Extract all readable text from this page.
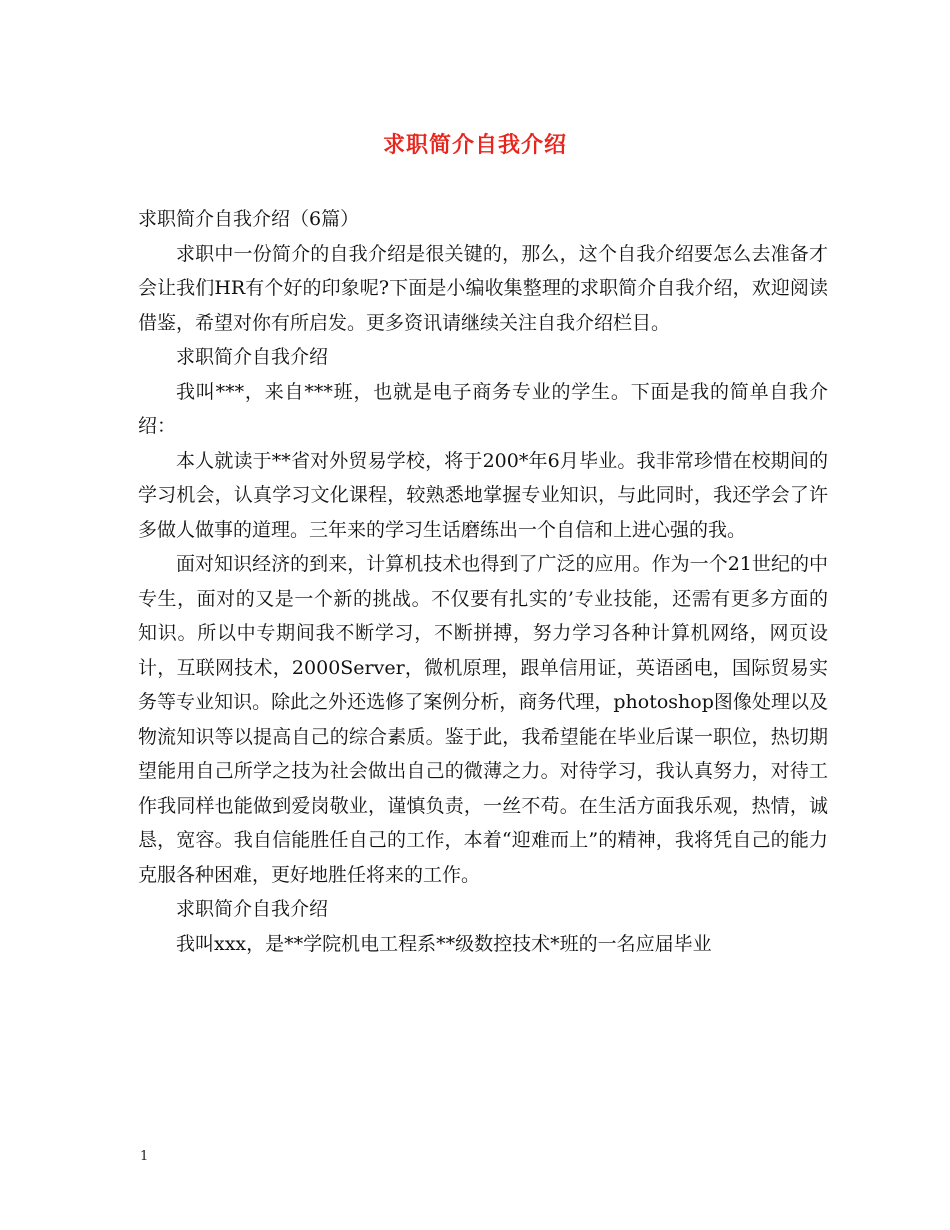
求职简介自我介绍

求职简介自我介绍（6篇）

求职中一份简介的自我介绍是很关键的，那么，这个自我介绍要怎么去准备才会让我们HR有个好的印象呢?下面是小编收集整理的求职简介自我介绍，欢迎阅读借鉴，希望对你有所启发。更多资讯请继续关注自我介绍栏目。

求职简介自我介绍

我叫***，来自***班，也就是电子商务专业的学生。下面是我的简单自我介绍：

本人就读于**省对外贸易学校，将于200*年6月毕业。我非常珍惜在校期间的学习机会，认真学习文化课程，较熟悉地掌握专业知识，与此同时，我还学会了许多做人做事的道理。三年来的学习生话磨练出一个自信和上进心强的我。

面对知识经济的到来，计算机技术也得到了广泛的应用。作为一个21世纪的中专生，面对的又是一个新的挑战。不仅要有扎实的’专业技能，还需有更多方面的知识。所以中专期间我不断学习，不断拼搏，努力学习各种计算机网络，网页设计，互联网技术，2000Server，微机原理，跟单信用证，英语函电，国际贸易实务等专业知识。除此之外还选修了案例分析，商务代理，photoshop图像处理以及物流知识等以提高自己的综合素质。鉴于此，我希望能在毕业后谋一职位，热切期望能用自己所学之技为社会做出自己的微薄之力。对待学习，我认真努力，对待工作我同样也能做到爱岗敬业，谨慎负责，一丝不苟。在生活方面我乐观，热情，诚恳，宽容。我自信能胜任自己的工作，本着“迎难而上”的精神，我将凭自己的能力克服各种困难，更好地胜任将来的工作。

求职简介自我介绍

我叫xxx，是**学院机电工程系**级数控技术*班的一名应届毕业

1
